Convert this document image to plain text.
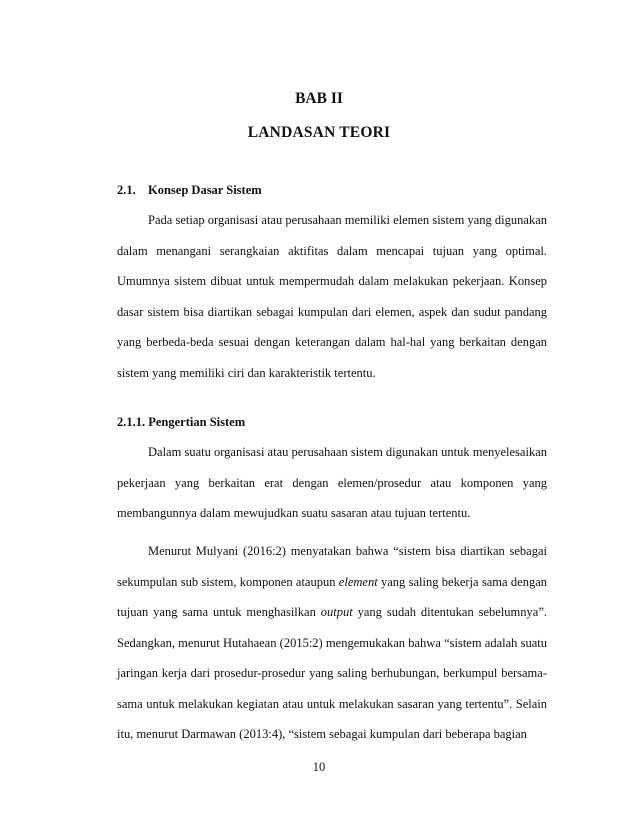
BAB II
LANDASAN TEORI
2.1. Konsep Dasar Sistem

Pada setiap organisasi atau perusahaan memiliki elemen sistem yang digunakan dalam menangani serangkaian aktifitas dalam mencapai tujuan yang optimal. Umumnya sistem dibuat untuk mempermudah dalam melakukan pekerjaan. Konsep dasar sistem bisa diartikan sebagai kumpulan dari elemen, aspek dan sudut pandang yang berbeda-beda sesuai dengan keterangan dalam hal-hal yang berkaitan dengan sistem yang memiliki ciri dan karakteristik tertentu.

2.1.1. Pengertian Sistem

Dalam suatu organisasi atau perusahaan sistem digunakan untuk menyelesaikan pekerjaan yang berkaitan erat dengan elemen/prosedur atau komponen yang membangunnya dalam mewujudkan suatu sasaran atau tujuan tertentu.

Menurut Mulyani (2016:2) menyatakan bahwa “sistem bisa diartikan sebagai sekumpulan sub sistem, komponen ataupun element yang saling bekerja sama dengan tujuan yang sama untuk menghasilkan output yang sudah ditentukan sebelumnya”. Sedangkan, menurut Hutahaean (2015:2) mengemukakan bahwa “sistem adalah suatu jaringan kerja dari prosedur-prosedur yang saling berhubungan, berkumpul bersama-sama untuk melakukan kegiatan atau untuk melakukan sasaran yang tertentu”. Selain itu, menurut Darmawan (2013:4), “sistem sebagai kumpulan dari beberapa bagian

10
